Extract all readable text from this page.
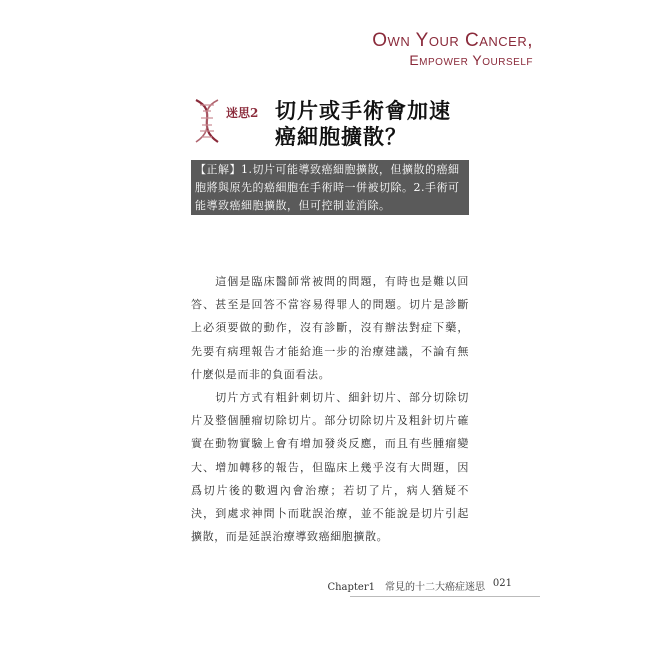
Own Your Cancer,
Empower Yourself
迷思2 切片或手術會加速癌細胞擴散？

【正解】1.切片可能導致癌細胞擴散，但擴散的癌細胞將與原先的癌細胞在手術時一併被切除。2.手術可能導致癌細胞擴散，但可控制並消除。

這個是臨床醫師常被問的問題，有時也是難以回答、甚至是回答不當容易得罪人的問題。切片是診斷上必須要做的動作，沒有診斷，沒有辦法對症下藥，先要有病理報告才能給進一步的治療建議，不論有無什麼似是而非的負面看法。

切片方式有粗針刺切片、細針切片、部分切除切片及整個腫瘤切除切片。部分切除切片及粗針切片確實在動物實驗上會有增加發炎反應，而且有些腫瘤變大、增加轉移的報告，但臨床上幾乎沒有大問題，因爲切片後的數週內會治療；若切了片，病人猶疑不決，到處求神問卜而耽誤治療，並不能說是切片引起擴散，而是延誤治療導致癌細胞擴散。

Chapter1　常見的十二大癌症迷思 021
